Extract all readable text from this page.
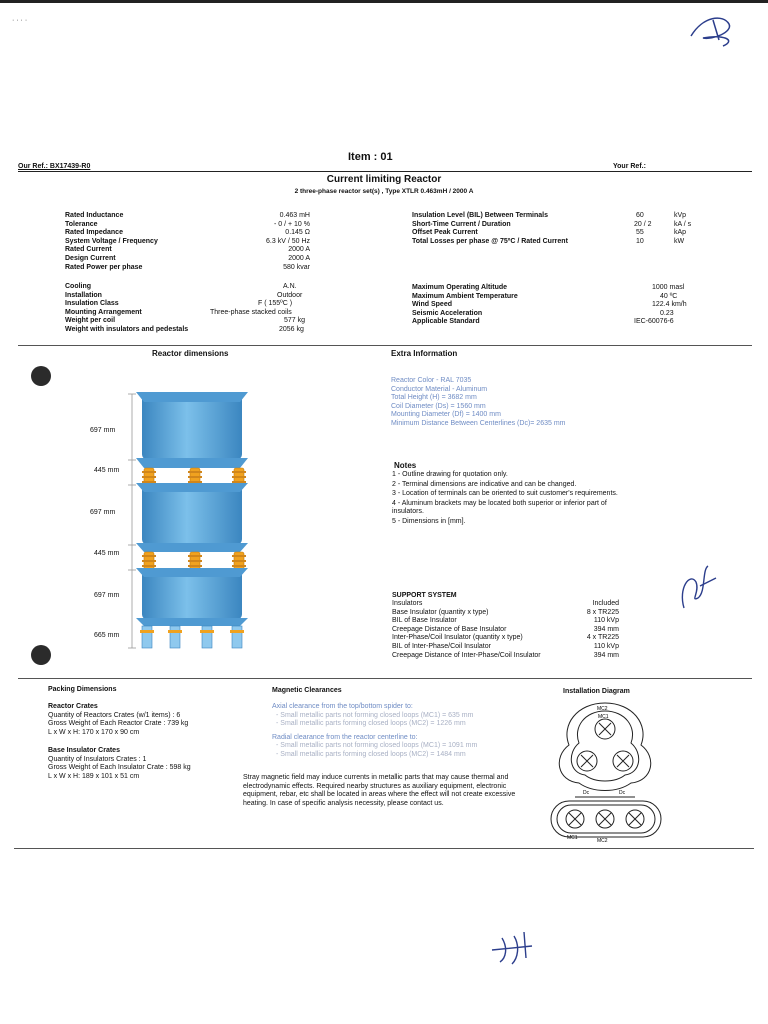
· · · ·
Item : 01
Our Ref.: BX17439-R0	Your Ref.:
Current limiting Reactor
2 three-phase reactor set(s) , Type XTLR 0.463mH / 2000 A
Rated Inductance	0.463 mH
Tolerance	- 0 / + 10 %
Rated Impedance	0.145 Ω
System Voltage / Frequency	6.3 kV / 50 Hz
Rated Current	2000 A
Design Current	2000 A
Rated Power per phase	580 kvar
Insulation Level (BIL) Between Terminals	60	kVp
Short-Time Current / Duration	20 / 2	kA / s
Offset Peak Current	55	kAp
Total Losses per phase @ 75ºC / Rated Current	10	kW
Cooling	A.N.
Installation	Outdoor
Insulation Class	F ( 155ºC )
Mounting Arrangement	Three-phase stacked coils
Weight per coil	577 kg
Weight with insulators and pedestals	2056 kg
Maximum Operating Altitude	1000 masl
Maximum Ambient Temperature	40 ºC
Wind Speed	122.4 km/h
Seismic Acceleration	0.23
Applicable Standard	IEC-60076-6
Reactor dimensions
697 mm
445 mm
697 mm
445 mm
697 mm
665 mm
Extra Information
Reactor Color - RAL 7035
Conductor Material - Aluminum
Total Height (H) = 3682 mm
Coil Diameter (Ds) = 1560 mm
Mounting Diameter (Df) = 1400 mm
Minimum Distance Between Centerlines (Dc)= 2635 mm
Notes
1 - Outline drawing for quotation only.
2 - Terminal dimensions are indicative and can be changed.
3 - Location of terminals can be oriented to suit customer's requirements.
4 - Aluminum brackets may be located both superior or inferior part of insulators.
5 - Dimensions in [mm].
SUPPORT SYSTEM
Insulators	Included
Base Insulator (quantity x type)	8 x TR225
BIL of Base Insulator	110 kVp
Creepage Distance of Base Insulator	394 mm
Inter-Phase/Coil Insulator (quantity x type)	4 x TR225
BIL of Inter-Phase/Coil Insulator	110 kVp
Creepage Distance of Inter-Phase/Coil Insulator	394 mm
Packing Dimensions
Reactor Crates
Quantity of Reactors Crates (w/1 items) : 6
Gross Weight of Each Reactor Crate : 739 kg
L x W x H: 170 x 170 x 90 cm
Base Insulator Crates
Quantity of Insulators Crates : 1
Gross Weight of Each Insulator Crate : 598 kg
L x W x H: 189 x 101 x 51 cm
Magnetic Clearances
Axial clearance from the top/bottom spider to:
- Small metallic parts not forming closed loops (MC1) = 635 mm
- Small metallic parts forming closed loops (MC2) = 1226 mm
Radial clearance from the reactor centerline to:
- Small metallic parts not forming closed loops (MC1) = 1091 mm
- Small metallic parts forming closed loops (MC2) = 1484 mm
Stray magnetic field may induce currents in metallic parts that may cause thermal and electrodynamic effects. Required nearby structures as auxiliary equipment, electronic equipment, rebar, etc shall be located in areas where the effect will not create excessive heating. In case of specific analysis necessity, please contact us.
Installation Diagram
MC2
MC1
Dc	Dc
MC1	MC2
